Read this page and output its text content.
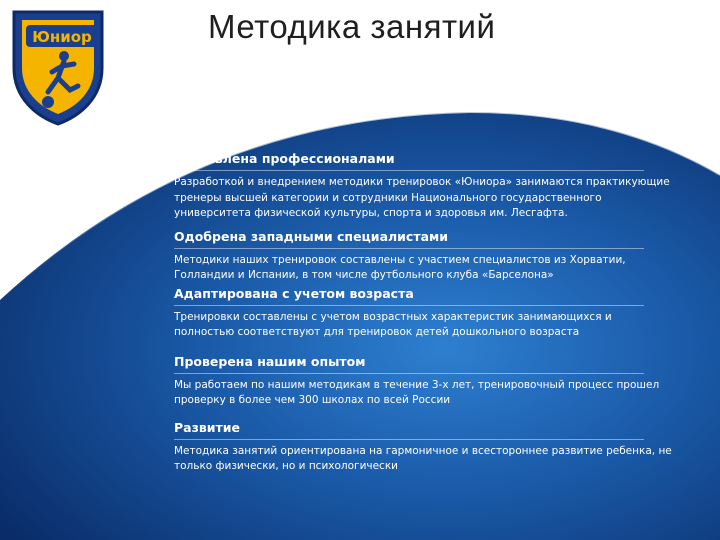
Методика занятий
Юниор
Составлена профессионалами
Разработкой и внедрением методики тренировок «Юниора» занимаются практикующие тренеры высшей категории и сотрудники Национального государственного университета физической культуры, спорта и здоровья им. Лесгафта.
Одобрена западными специалистами
Методики наших тренировок составлены с участием специалистов из Хорватии, Голландии и Испании, в том числе футбольного клуба «Барселона»
Адаптирована с учетом возраста
Тренировки составлены с учетом возрастных характеристик занимающихся и полностью соответствуют для тренировок детей дошкольного возраста
Проверена нашим опытом
Мы работаем по нашим методикам в течение 3-х лет, тренировочный процесс прошел проверку в более чем 300 школах по всей России
Развитие
Методика занятий ориентирована на гармоничное и всестороннее развитие ребенка, не только физически, но и психологически
